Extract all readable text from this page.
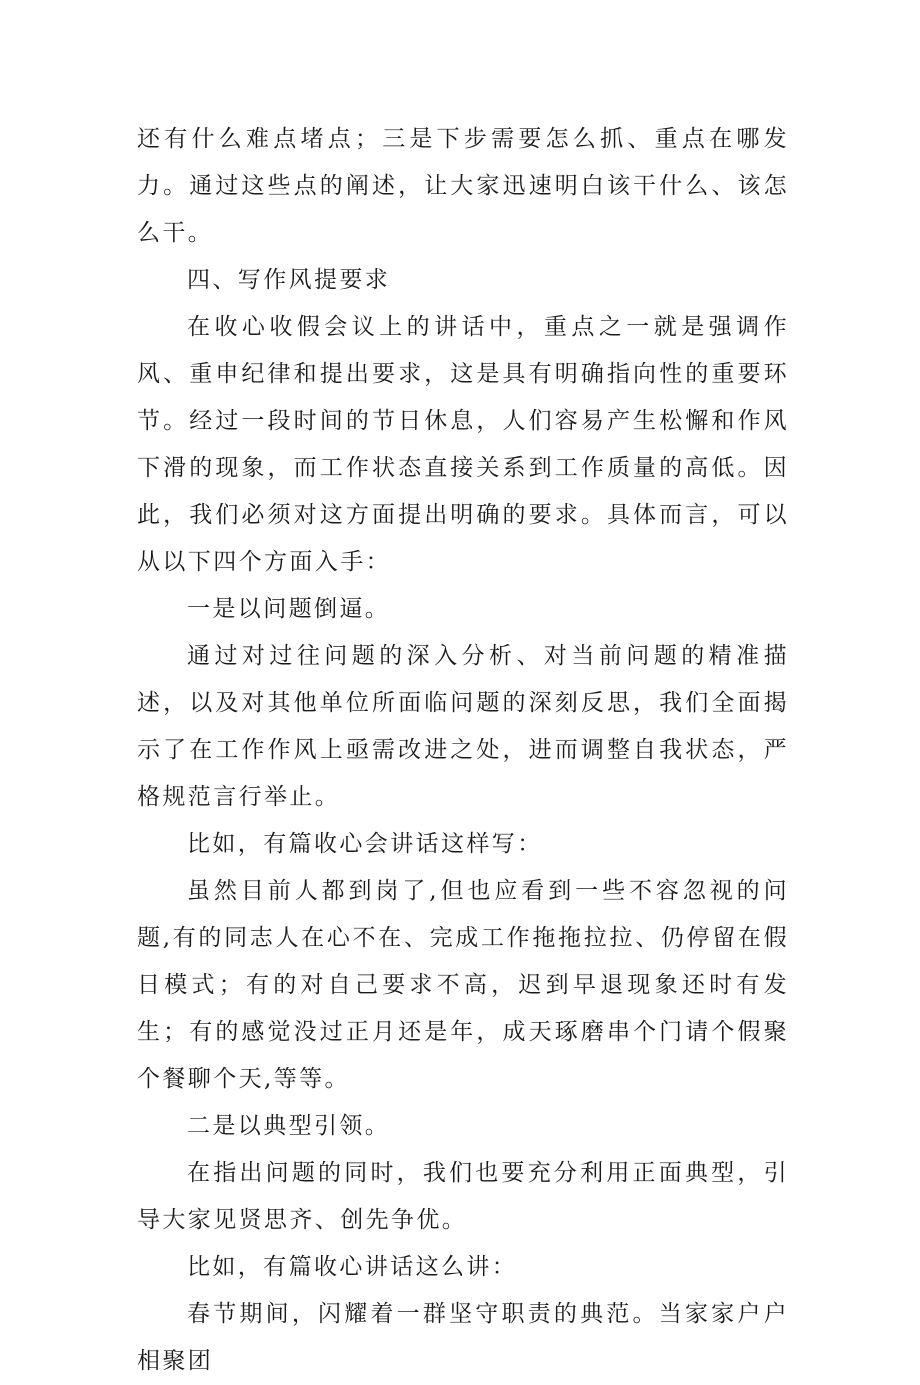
还有什么难点堵点；三是下步需要怎么抓、重点在哪发力。通过这些点的阐述，让大家迅速明白该干什么、该怎么干。

四、写作风提要求

在收心收假会议上的讲话中，重点之一就是强调作风、重申纪律和提出要求，这是具有明确指向性的重要环节。经过一段时间的节日休息，人们容易产生松懈和作风下滑的现象，而工作状态直接关系到工作质量的高低。因此，我们必须对这方面提出明确的要求。具体而言，可以从以下四个方面入手：

一是以问题倒逼。

通过对过往问题的深入分析、对当前问题的精准描述，以及对其他单位所面临问题的深刻反思，我们全面揭示了在工作作风上亟需改进之处，进而调整自我状态，严格规范言行举止。

比如，有篇收心会讲话这样写：

虽然目前人都到岗了,但也应看到一些不容忽视的问题,有的同志人在心不在、完成工作拖拖拉拉、仍停留在假日模式；有的对自己要求不高，迟到早退现象还时有发生；有的感觉没过正月还是年，成天琢磨串个门请个假聚个餐聊个天,等等。

二是以典型引领。

在指出问题的同时，我们也要充分利用正面典型，引导大家见贤思齐、创先争优。

比如，有篇收心讲话这么讲：

春节期间，闪耀着一群坚守职责的典范。当家家户户相聚团
